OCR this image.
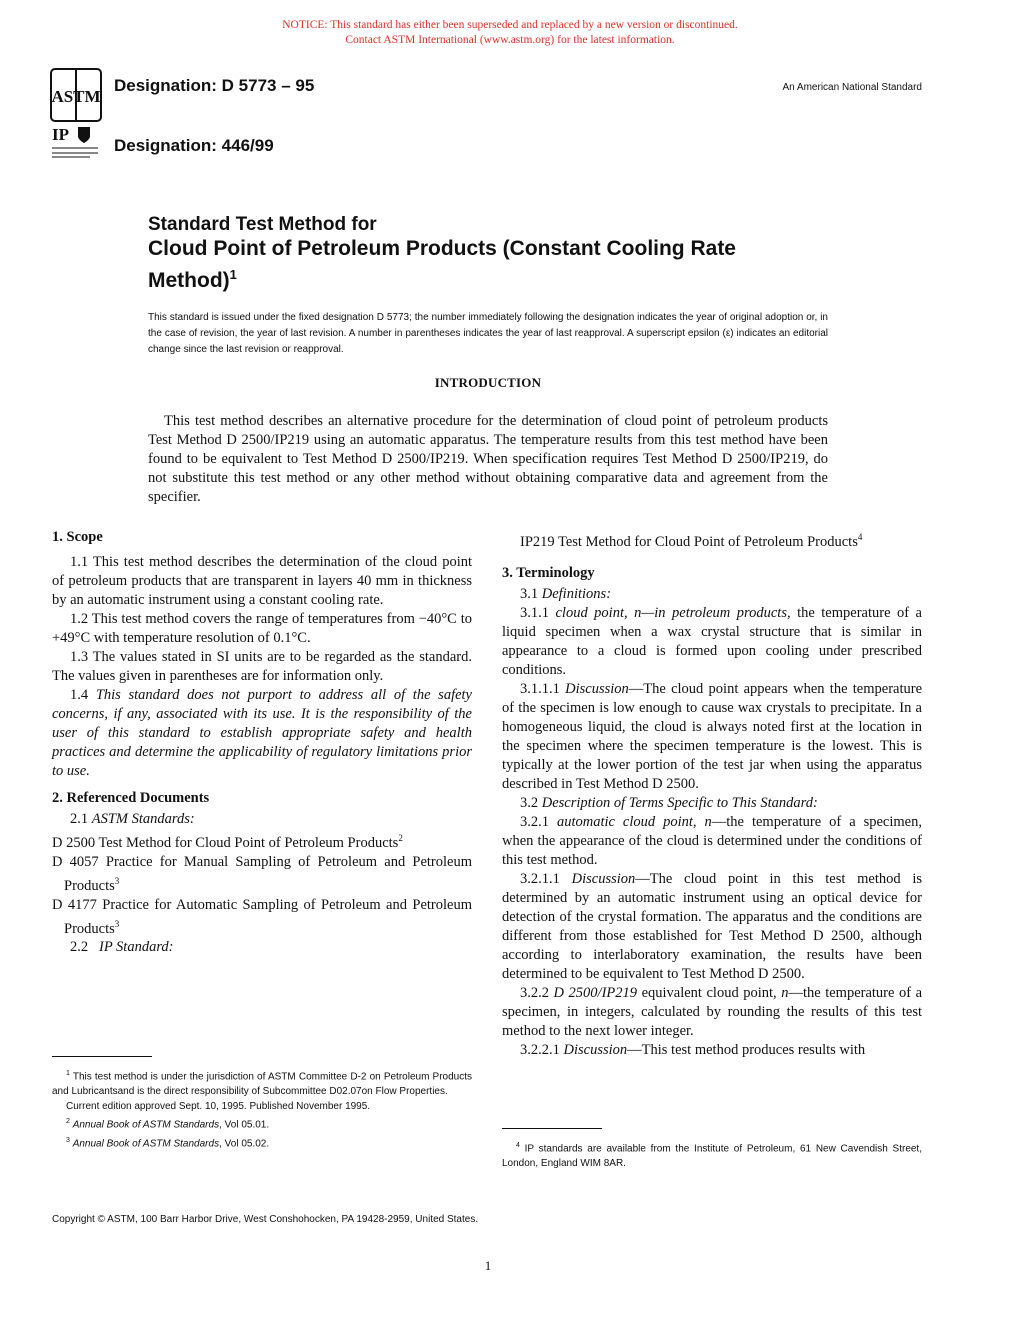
NOTICE: This standard has either been superseded and replaced by a new version or discontinued.
Contact ASTM International (www.astm.org) for the latest information.
ASTM
IP
Designation: D 5773 – 95
Designation: 446/99
An American National Standard
Standard Test Method for
Cloud Point of Petroleum Products (Constant Cooling Rate
Method)$^1$
This standard is issued under the fixed designation D 5773; the number immediately following the designation indicates the year of original adoption or, in the case of revision, the year of last revision. A number in parentheses indicates the year of last reapproval. A superscript epsilon (ε) indicates an editorial change since the last revision or reapproval.
INTRODUCTION
This test method describes an alternative procedure for the determination of cloud point of petroleum products Test Method D 2500/IP219 using an automatic apparatus. The temperature results from this test method have been found to be equivalent to Test Method D 2500/IP219. When specification requires Test Method D 2500/IP219, do not substitute this test method or any other method without obtaining comparative data and agreement from the specifier.
1. Scope

1.1 This test method describes the determination of the cloud point of petroleum products that are transparent in layers 40 mm in thickness by an automatic instrument using a constant cooling rate.

1.2 This test method covers the range of temperatures from −40°C to +49°C with temperature resolution of 0.1°C.

1.3 The values stated in SI units are to be regarded as the standard. The values given in parentheses are for information only.

1.4 This standard does not purport to address all of the safety concerns, if any, associated with its use. It is the responsibility of the user of this standard to establish appropriate safety and health practices and determine the applicability of regulatory limitations prior to use.

2. Referenced Documents

2.1 ASTM Standards:

D 2500 Test Method for Cloud Point of Petroleum Products$^2$

D 4057 Practice for Manual Sampling of Petroleum and Petroleum Products$^3$

D 4177 Practice for Automatic Sampling of Petroleum and Petroleum Products$^3$

2.2 IP Standard:

IP219 Test Method for Cloud Point of Petroleum Products$^4$

3. Terminology

3.1 Definitions:

3.1.1 cloud point, n—in petroleum products, the temperature of a liquid specimen when a wax crystal structure that is similar in appearance to a cloud is formed upon cooling under prescribed conditions.

3.1.1.1 Discussion—The cloud point appears when the temperature of the specimen is low enough to cause wax crystals to precipitate. In a homogeneous liquid, the cloud is always noted first at the location in the specimen where the specimen temperature is the lowest. This is typically at the lower portion of the test jar when using the apparatus described in Test Method D 2500.

3.2 Description of Terms Specific to This Standard:

3.2.1 automatic cloud point, n—the temperature of a specimen, when the appearance of the cloud is determined under the conditions of this test method.

3.2.1.1 Discussion—The cloud point in this test method is determined by an automatic instrument using an optical device for detection of the crystal formation. The apparatus and the conditions are different from those established for Test Method D 2500, although according to interlaboratory examination, the results have been determined to be equivalent to Test Method D 2500.

3.2.2 D 2500/IP219 equivalent cloud point, n—the temperature of a specimen, in integers, calculated by rounding the results of this test method to the next lower integer.

3.2.2.1 Discussion—This test method produces results with

$^1$ This test method is under the jurisdiction of ASTM Committee D-2 on Petroleum Products and Lubricantsand is the direct responsibility of Subcommittee D02.07on Flow Properties.

Current edition approved Sept. 10, 1995. Published November 1995.

$^2$ Annual Book of ASTM Standards, Vol 05.01.

$^3$ Annual Book of ASTM Standards, Vol 05.02.	$^4$ IP standards are available from the Institute of Petroleum, 61 New Cavendish Street, London, England WIM 8AR.

Copyright © ASTM, 100 Barr Harbor Drive, West Conshohocken, PA 19428-2959, United States.
1
